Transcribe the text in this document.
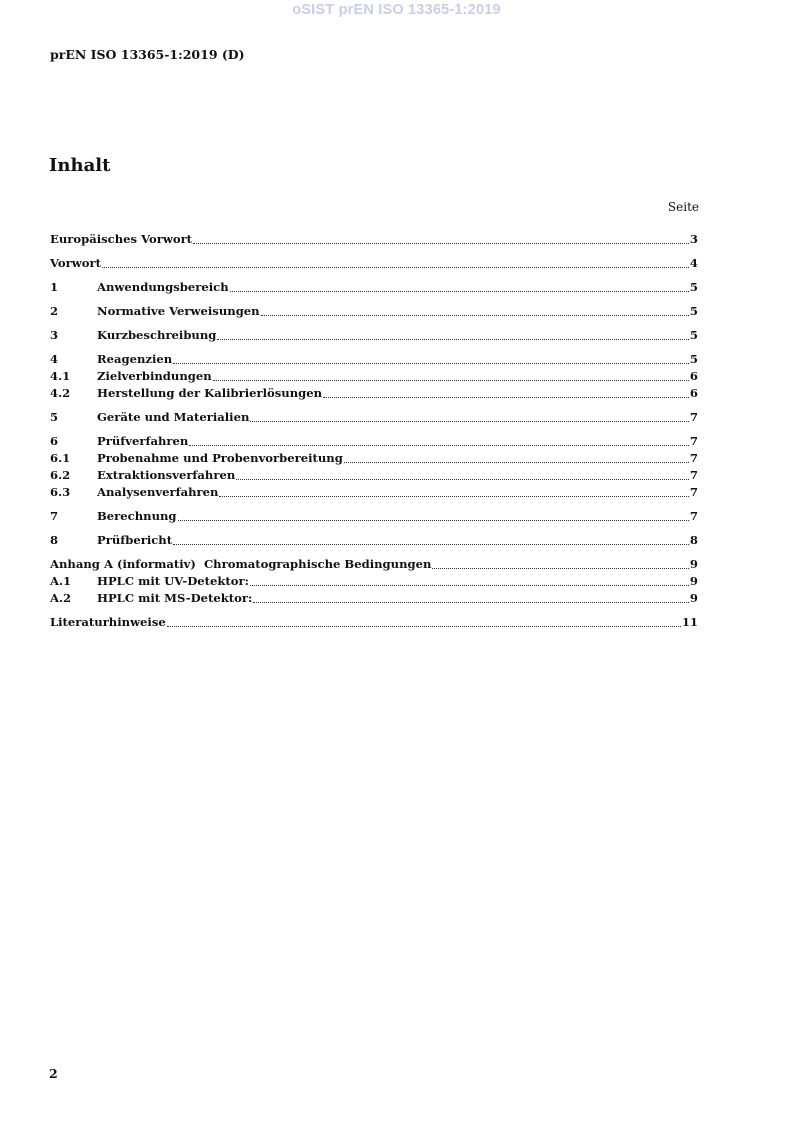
oSIST prEN ISO 13365-1:2019
prEN ISO 13365-1:2019 (D)
Inhalt
Seite
Europäisches Vorwort	3
Vorwort	4
1	Anwendungsbereich	5
2	Normative Verweisungen	5
3	Kurzbeschreibung	5
4	Reagenzien	5
4.1	Zielverbindungen	6
4.2	Herstellung der Kalibrierlösungen	6
5	Geräte und Materialien	7
6	Prüfverfahren	7
6.1	Probenahme und Probenvorbereitung	7
6.2	Extraktionsverfahren	7
6.3	Analysenverfahren	7
7	Berechnung	7
8	Prüfbericht	8
Anhang A (informativ)  Chromatographische Bedingungen	9
A.1	HPLC mit UV-Detektor:	9
A.2	HPLC mit MS-Detektor:	9
Literaturhinweise	11
2
